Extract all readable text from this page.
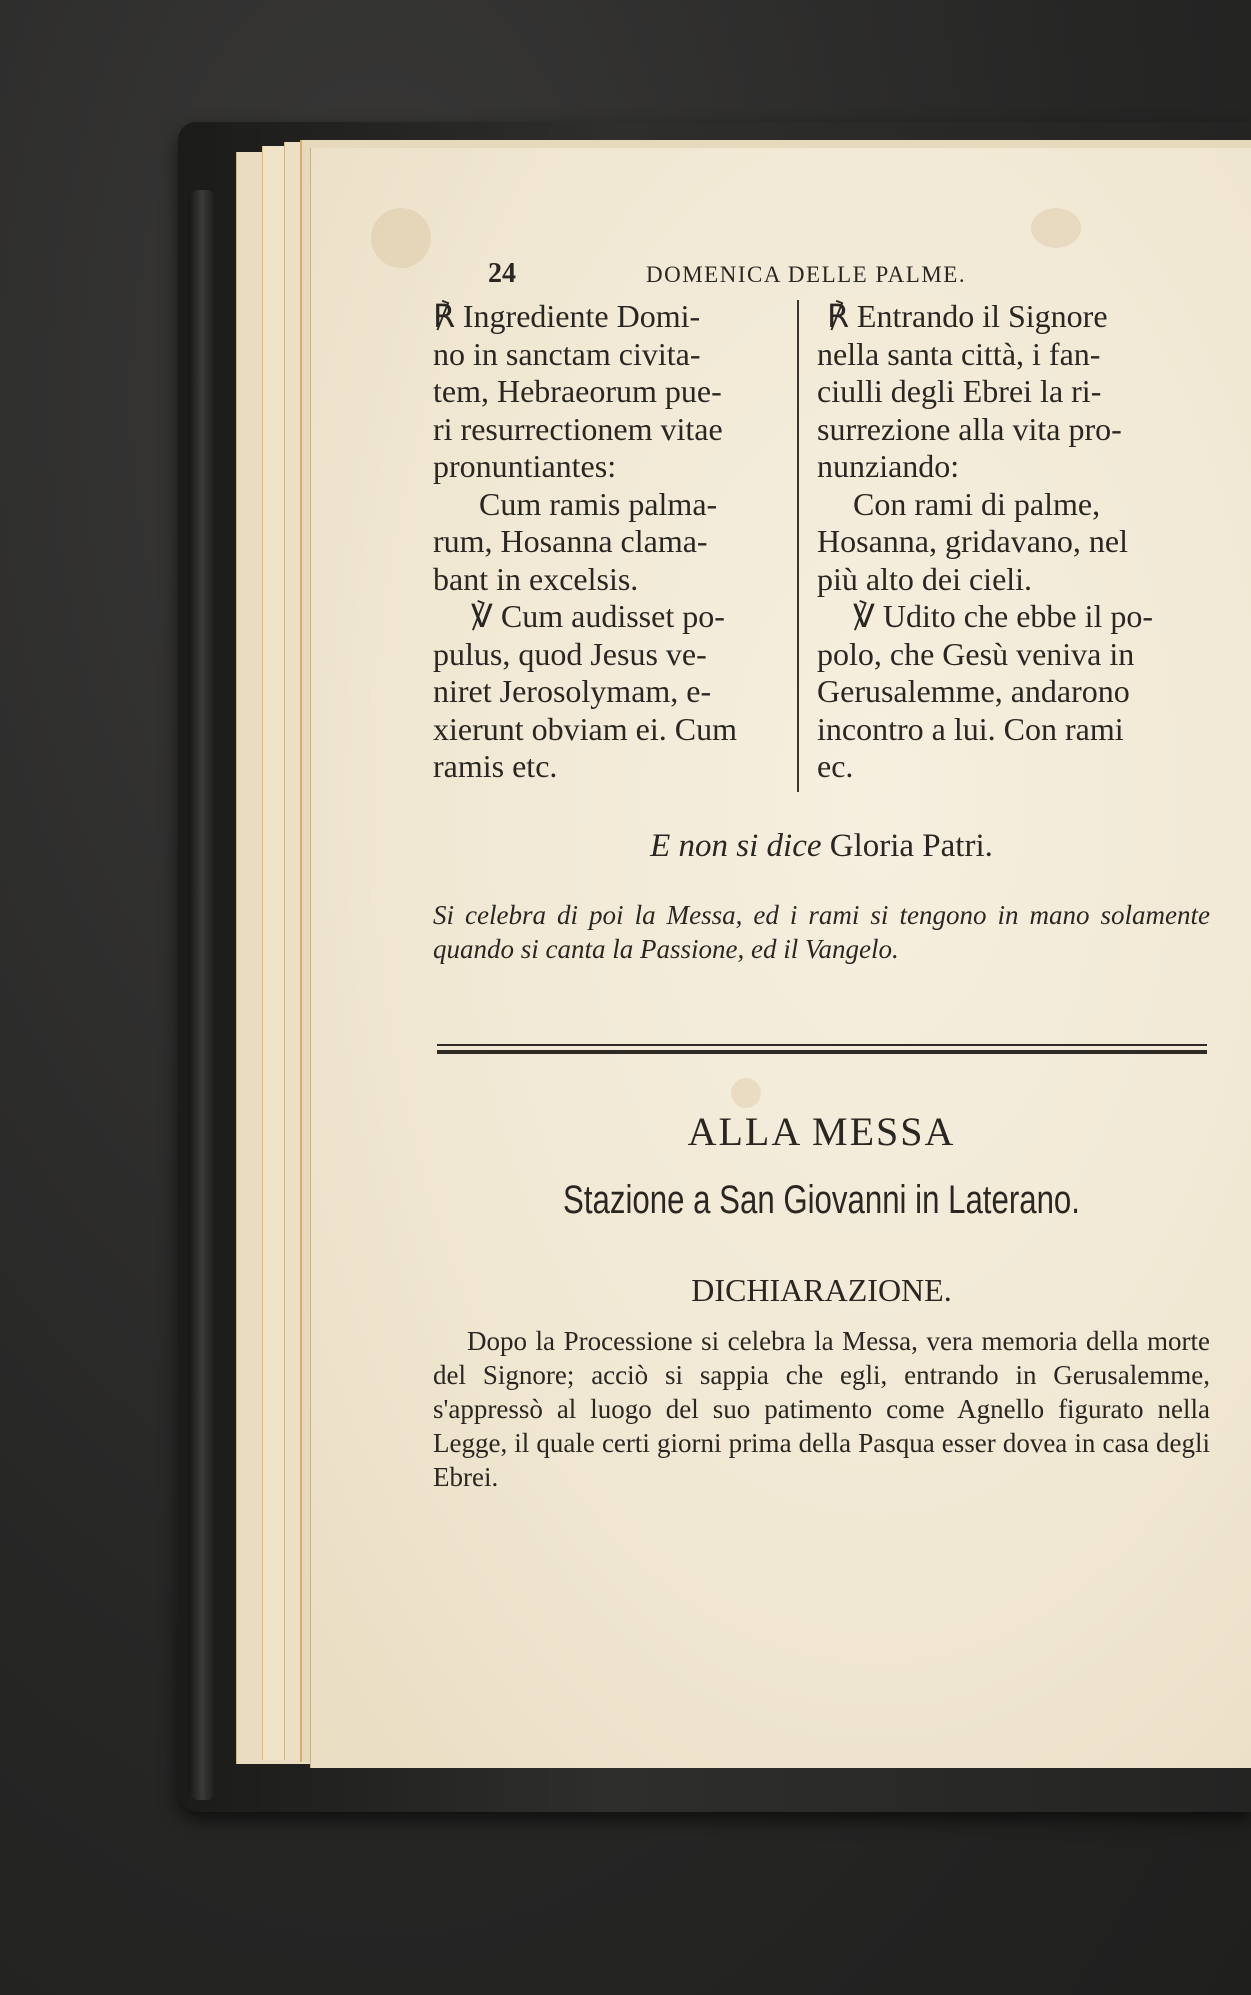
24	DOMENICA DELLE PALME.

℟ Ingrediente Domi-

no in sanctam civita-

tem, Hebraeorum pue-

ri resurrectionem vitae

pronuntiantes:

Cum ramis palma-

rum, Hosanna clama-

bant in excelsis.

℣ Cum audisset po-

pulus, quod Jesus ve-

niret Jerosolymam, e-

xierunt obviam ei. Cum

ramis etc.

℟ Entrando il Signore

nella santa città, i fan-

ciulli degli Ebrei la ri-

surrezione alla vita pro-

nunziando:

Con rami di palme,

Hosanna, gridavano, nel

più alto dei cieli.

℣ Udito che ebbe il po-

polo, che Gesù veniva in

Gerusalemme, andarono

incontro a lui. Con rami

ec.

E non si dice Gloria Patri.
Si celebra di poi la Messa, ed i rami si tengono in mano solamente quando si canta la Passione, ed il Vangelo.
ALLA MESSA
Stazione a San Giovanni in Laterano.
DICHIARAZIONE.
Dopo la Processione si celebra la Messa, vera memoria della morte del Signore; acciò si sappia che egli, entrando in Gerusalemme, s'appressò al luogo del suo patimento come Agnello figurato nella Legge, il quale certi giorni prima della Pasqua esser dovea in casa degli Ebrei.
